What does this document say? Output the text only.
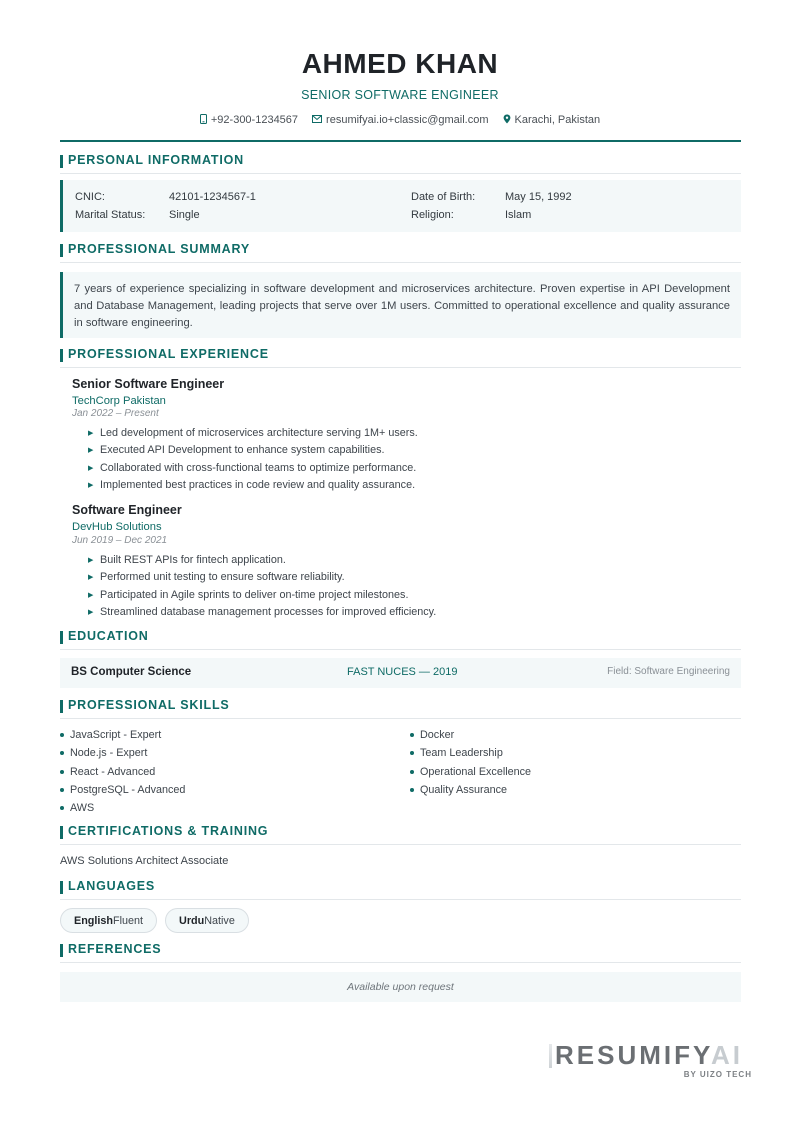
AHMED KHAN
SENIOR SOFTWARE ENGINEER
+92-300-1234567	resumifyai.io+classic@gmail.com Karachi, Pakistan
PERSONAL INFORMATION
CNIC:	42101-1234567-1	Date of Birth:	May 15, 1992
Marital Status: Single	Religion:	Islam
PROFESSIONAL SUMMARY
7 years of experience specializing in software development and microservices architecture. Proven expertise in API Development and Database Management, leading projects that serve over 1M users. Committed to operational excellence and quality assurance in software engineering.
PROFESSIONAL EXPERIENCE
Senior Software Engineer
TechCorp Pakistan
Jan 2022 – Present
▶ Led development of microservices architecture serving 1M+ users.
▶ Executed API Development to enhance system capabilities.
▶ Collaborated with cross-functional teams to optimize performance.
▶ Implemented best practices in code review and quality assurance.
Software Engineer
DevHub Solutions
Jun 2019 – Dec 2021
▶ Built REST APIs for fintech application.
▶ Performed unit testing to ensure software reliability.
▶ Participated in Agile sprints to deliver on-time project milestones.
▶ Streamlined database management processes for improved efficiency.
EDUCATION
BS Computer Science	FAST NUCES — 2019	Field: Software Engineering
PROFESSIONAL SKILLS
JavaScript - Expert
Node.js - Expert
React - Advanced
PostgreSQL - Advanced
AWS
Docker
Team Leadership
Operational Excellence
Quality Assurance
CERTIFICATIONS & TRAINING
AWS Solutions Architect Associate
LANGUAGES
English Fluent	Urdu Native
REFERENCES
Available upon request
RESUMIFYAI
BY UIZO TECH
